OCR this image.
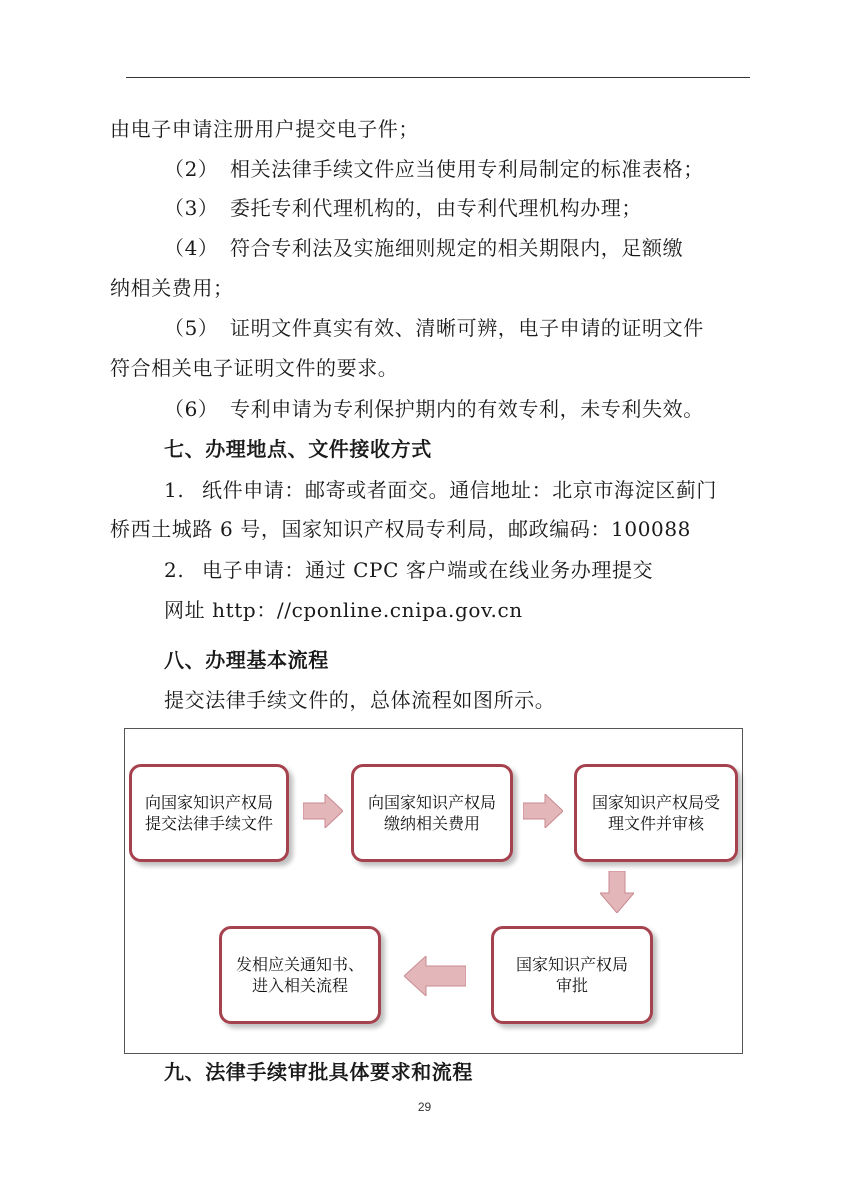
由电子申请注册用户提交电子件；
（2） 相关法律手续文件应当使用专利局制定的标准表格；
（3） 委托专利代理机构的，由专利代理机构办理；
（4） 符合专利法及实施细则规定的相关期限内，足额缴
纳相关费用；
（5） 证明文件真实有效、清晰可辨，电子申请的证明文件
符合相关电子证明文件的要求。
（6） 专利申请为专利保护期内的有效专利，未专利失效。
七、办理地点、文件接收方式
1. 纸件申请：邮寄或者面交。通信地址：北京市海淀区蓟门
桥西土城路 6 号，国家知识产权局专利局，邮政编码：100088
2. 电子申请：通过 CPC 客户端或在线业务办理提交
网址 http：//cponline.cnipa.gov.cn
八、办理基本流程
提交法律手续文件的，总体流程如图所示。
向国家知识产权局提交法律手续文件
向国家知识产权局缴纳相关费用
国家知识产权局受理文件并审核
国家知识产权局审批
发相应关通知书、进入相关流程
九、法律手续审批具体要求和流程
29
